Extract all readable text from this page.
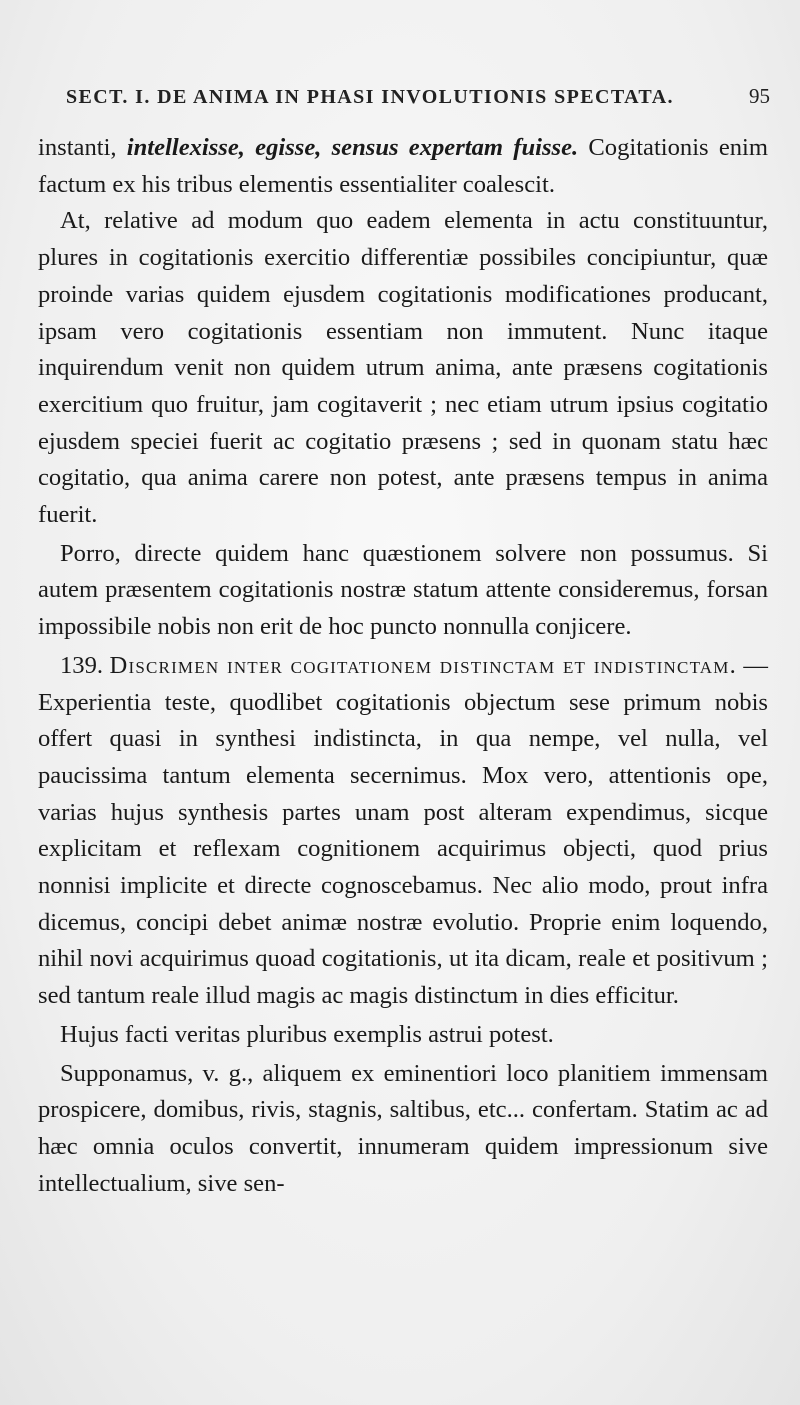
SECT. I. DE ANIMA IN PHASI INVOLUTIONIS SPECTATA.	95

instanti, intellexisse, egisse, sensus expertam fuisse. Cogitationis enim factum ex his tribus elementis essentialiter coalescit.

At, relative ad modum quo eadem elementa in actu constituuntur, plures in cogitationis exercitio differentiæ possibiles concipiuntur, quæ proinde varias quidem ejusdem cogitationis modificationes producant, ipsam vero cogitationis essentiam non immutent. Nunc itaque inquirendum venit non quidem utrum anima, ante præsens cogitationis exercitium quo fruitur, jam cogitaverit ; nec etiam utrum ipsius cogitatio ejusdem speciei fuerit ac cogitatio præsens ; sed in quonam statu hæc cogitatio, qua anima carere non potest, ante præsens tempus in anima fuerit.

Porro, directe quidem hanc quæstionem solvere non possumus. Si autem præsentem cogitationis nostræ statum attente consideremus, forsan impossibile nobis non erit de hoc puncto nonnulla conjicere.

139. Discrimen inter cogitationem distinctam et indistinctam. — Experientia teste, quodlibet cogitationis objectum sese primum nobis offert quasi in synthesi indistincta, in qua nempe, vel nulla, vel paucissima tantum elementa secernimus. Mox vero, attentionis ope, varias hujus synthesis partes unam post alteram expendimus, sicque explicitam et reflexam cognitionem acquirimus objecti, quod prius nonnisi implicite et directe cognoscebamus. Nec alio modo, prout infra dicemus, concipi debet animæ nostræ evolutio. Proprie enim loquendo, nihil novi acquirimus quoad cogitationis, ut ita dicam, reale et positivum ; sed tantum reale illud magis ac magis distinctum in dies efficitur.

Hujus facti veritas pluribus exemplis astrui potest.

Supponamus, v. g., aliquem ex eminentiori loco planitiem immensam prospicere, domibus, rivis, stagnis, saltibus, etc... confertam. Statim ac ad hæc omnia oculos convertit, innumeram quidem impressionum sive intellectualium, sive sen-
